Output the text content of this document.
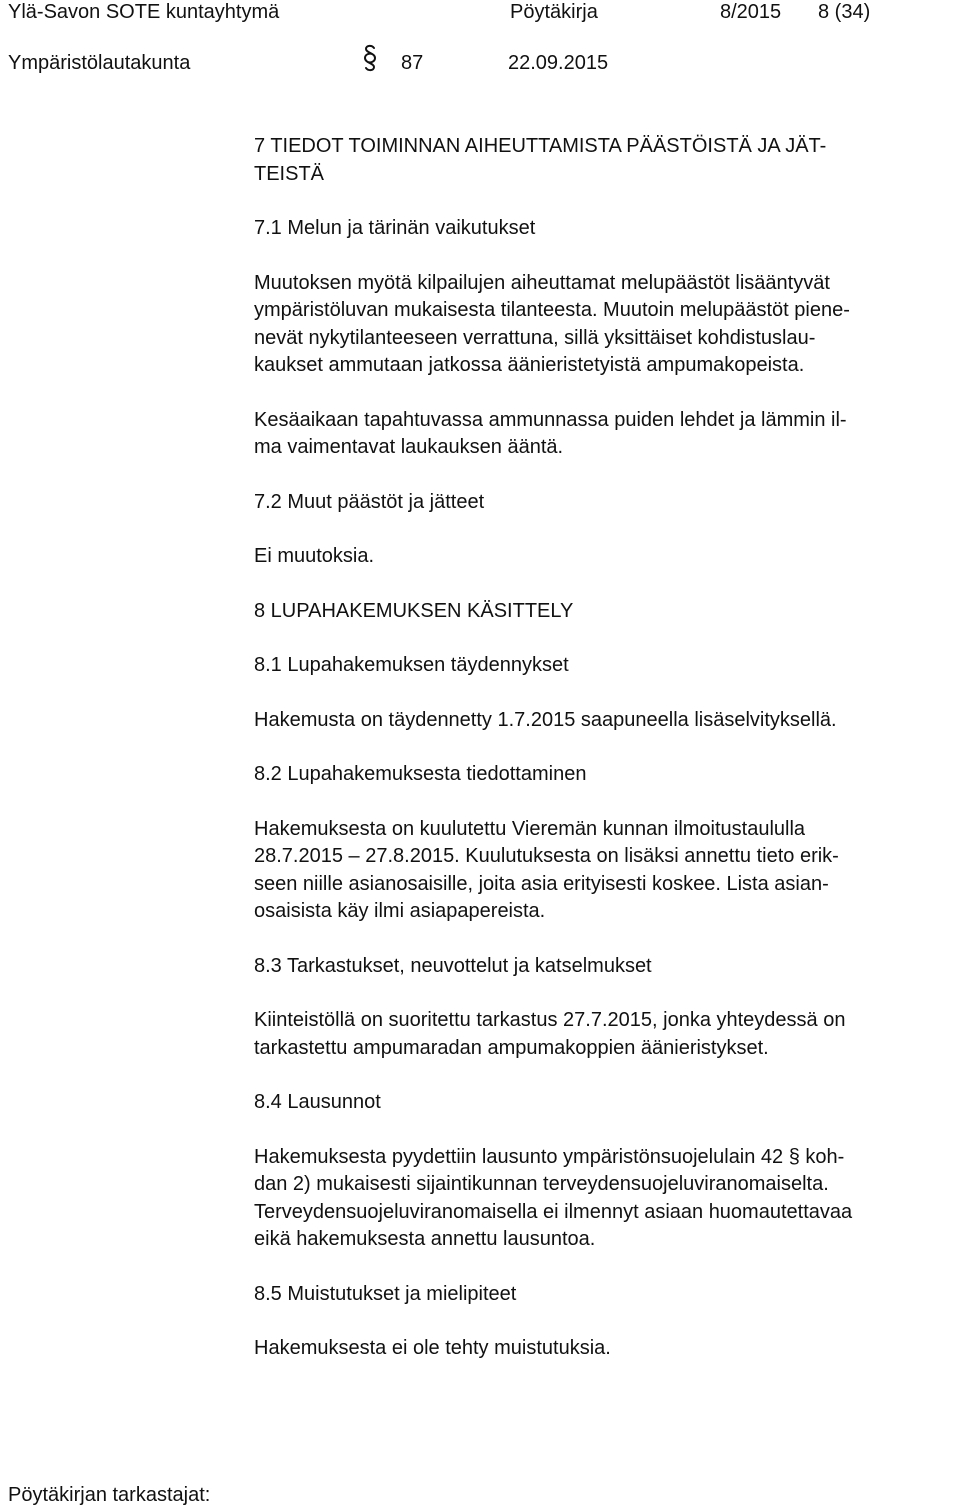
Ylä-Savon SOTE kuntayhtymä	Pöytäkirja	8/2015 8 (34)
Ympäristölautakunta	87	22.09.2015

7 TIEDOT TOIMINNAN AIHEUTTAMISTA PÄÄSTÖISTÄ JA JÄT-

TEISTÄ

7.1 Melun ja tärinän vaikutukset

Muutoksen myötä kilpailujen aiheuttamat melupäästöt lisääntyvät

ympäristöluvan mukaisesta tilanteesta. Muutoin melupäästöt piene-

nevät nykytilanteeseen verrattuna, sillä yksittäiset kohdistuslau-

kaukset ammutaan jatkossa äänieristetyistä ampumakopeista.

Kesäaikaan tapahtuvassa ammunnassa puiden lehdet ja lämmin il-

ma vaimentavat laukauksen ääntä.

7.2 Muut päästöt ja jätteet

Ei muutoksia.

8 LUPAHAKEMUKSEN KÄSITTELY

8.1 Lupahakemuksen täydennykset

Hakemusta on täydennetty 1.7.2015 saapuneella lisäselvityksellä.

8.2 Lupahakemuksesta tiedottaminen

Hakemuksesta on kuulutettu Vieremän kunnan ilmoitustaululla

28.7.2015 – 27.8.2015. Kuulutuksesta on lisäksi annettu tieto erik-

seen niille asianosaisille, joita asia erityisesti koskee. Lista asian-

osaisista käy ilmi asiapapereista.

8.3 Tarkastukset, neuvottelut ja katselmukset

Kiinteistöllä on suoritettu tarkastus 27.7.2015, jonka yhteydessä on

tarkastettu ampumaradan ampumakoppien äänieristykset.

8.4 Lausunnot

Hakemuksesta pyydettiin lausunto ympäristönsuojelulain 42 § koh-

dan 2) mukaisesti sijaintikunnan terveydensuojeluviranomaiselta.

Terveydensuojeluviranomaisella ei ilmennyt asiaan huomautettavaa

eikä hakemuksesta annettu lausuntoa.

8.5 Muistutukset ja mielipiteet

Hakemuksesta ei ole tehty muistutuksia.

Pöytäkirjan tarkastajat:
